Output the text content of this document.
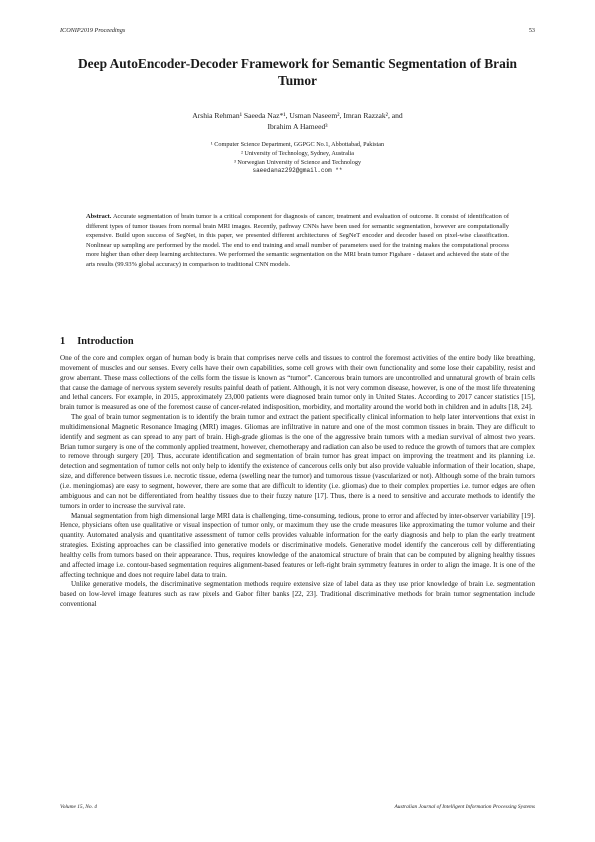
ICONIP2019 Proceedings	53
Deep AutoEncoder-Decoder Framework for Semantic Segmentation of Brain Tumor
Arshia Rehman¹ Saeeda Naz*¹, Usman Naseem², Imran Razzak², and
Ibrahim A Hameed³
¹ Computer Science Department, GGPGC No.1, Abbottabad, Pakistan
² University of Technology, Sydney, Australia
³ Norwegian University of Science and Technology
saeedanaz292@gmail.com **

Abstract. Accurate segmentation of brain tumor is a critical component for diagnosis of cancer, treatment and evaluation of outcome. It consist of identification of different types of tumor tissues from normal brain MRI images. Recently, pathway CNNs have been used for semantic segmentation, however are computationally expensive. Build upon success of SegNet, in this paper, we presented different architectures of SegNeT encoder and decoder based on pixel-wise classification. Nonlinear up sampling are performed by the model. The end to end training and small number of parameters used for the training makes the computational process more higher than other deep learning architectures. We performed the semantic segmentation on the MRI brain tumor Figshare - dataset and achieved the state of the arts results (99.93% global accuracy) in comparison to traditional CNN models.

1 Introduction

One of the core and complex organ of human body is brain that comprises nerve cells and tissues to control the foremost activities of the entire body like breathing, movement of muscles and our senses. Every cells have their own capabilities, some cell grows with their own functionality and some lose their capability, resist and grow aberrant. These mass collections of the cells form the tissue is known as “tumor”. Cancerous brain tumors are uncontrolled and unnatural growth of brain cells that cause the damage of nervous system severely results painful death of patient. Although, it is not very common disease, however, is one of the most life threatening and lethal cancers. For example, in 2015, approximately 23,000 patients were diagnosed brain tumor only in United States. According to 2017 cancer statistics [15], brain tumor is measured as one of the foremost cause of cancer-related indisposition, morbidity, and mortality around the world both in children and in adults [18, 24].

The goal of brain tumor segmentation is to identify the brain tumor and extract the patient specifically clinical information to help later interventions that exist in multidimensional Magnetic Resonance Imaging (MRI) images. Gliomas are infiltrative in nature and one of the most common tissues in brain. They are difficult to identify and segment as can spread to any part of brain. High-grade gliomas is the one of the aggressive brain tumors with a median survival of almost two years. Brian tumor surgery is one of the commonly applied treatment, however, chemotherapy and radiation can also be used to reduce the growth of tumors that are complex to remove through surgery [20]. Thus, accurate identification and segmentation of brain tumor has great impact on improving the treatment and its planning i.e. detection and segmentation of tumor cells not only help to identify the existence of cancerous cells only but also provide valuable information of their location, shape, size, and difference between tissues i.e. necrotic tissue, edema (swelling near the tumor) and tumorous tissue (vascularized or not). Although some of the brain tumors (i.e. meningiomas) are easy to segment, however, there are some that are difficult to identity (i.e. gliomas) due to their complex properties i.e. tumor edges are often ambiguous and can not be differentiated from healthy tissues due to their fuzzy nature [17]. Thus, there is a need to sensitive and accurate methods to identify the tumors in order to increase the survival rate.

Manual segmentation from high dimensional large MRI data is challenging, time-consuming, tedious, prone to error and affected by inter-observer variability [19]. Hence, physicians often use qualitative or visual inspection of tumor only, or maximum they use the crude measures like approximating the tumor volume and their quantity. Automated analysis and quantitative assessment of tumor cells provides valuable information for the early diagnosis and help to plan the early treatment strategies. Existing approaches can be classified into generative models or discriminative models. Generative model identify the cancerous cell by differentiating healthy cells from tumors based on their appearance. Thus, requires knowledge of the anatomical structure of brain that can be computed by aligning healthy tissues and affected image i.e. contour-based segmentation requires alignment-based features or left-right brain symmetry features in order to align the image. It is one of the affecting technique and does not require label data to train.

Unlike generative models, the discriminative segmentation methods require extensive size of label data as they use prior knowledge of brain i.e. segmentation based on low-level image features such as raw pixels and Gabor filter banks [22, 23]. Traditional discriminative methods for brain tumor segmentation include conventional

Volume 15, No. 4	Australian Journal of Intelligent Information Processing Systems
